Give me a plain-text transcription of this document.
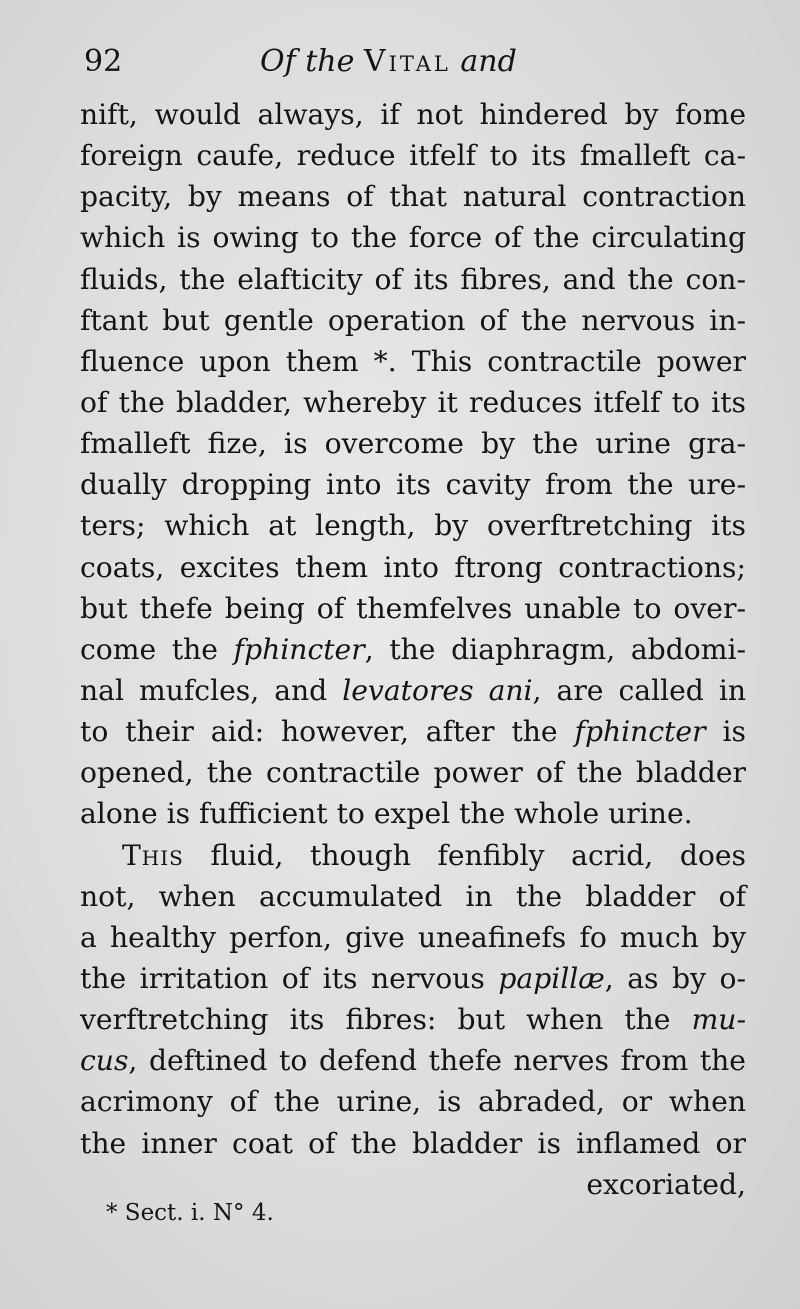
92	Of the Vital and
nift, would always, if not hindered by fome
foreign caufe, reduce itfelf to its fmalleft ca-
pacity, by means of that natural contraction
which is owing to the force of the circulating
fluids, the elafticity of its fibres, and the con-
ftant but gentle operation of the nervous in-
fluence upon them *. This contractile power
of the bladder, whereby it reduces itfelf to its
fmalleft fize, is overcome by the urine gra-
dually dropping into its cavity from the ure-
ters; which at length, by overftretching its
coats, excites them into ftrong contractions;
but thefe being of themfelves unable to over-
come the fphincter, the diaphragm, abdomi-
nal mufcles, and levatores ani, are called in
to their aid: however, after the fphincter is
opened, the contractile power of the bladder
alone is fufficient to expel the whole urine.
This fluid, though fenfibly acrid, does
not, when accumulated in the bladder of
a healthy perfon, give uneafinefs fo much by
the irritation of its nervous papillæ, as by o-
verftretching its fibres: but when the mu-
cus, deftined to defend thefe nerves from the
acrimony of the urine, is abraded, or when
the inner coat of the bladder is inflamed or
excoriated,
* Sect. i. N° 4.
